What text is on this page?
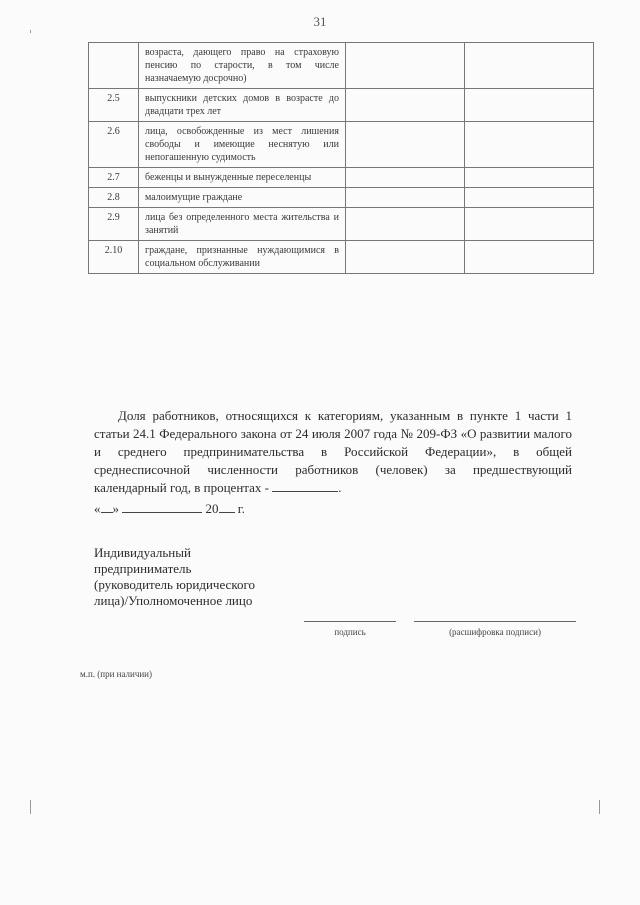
31
	возраста, дающего право на страховую пенсию по старости, в том числе назначаемую досрочно)		
2.5	выпускники детских домов в возрасте до двадцати трех лет		
2.6	лица, освобожденные из мест лишения свободы и имеющие неснятую или непогашенную судимость		
2.7	беженцы и вынужденные переселенцы		
2.8	малоимущие граждане		
2.9	лица без определенного места жительства и занятий		
2.10	граждане, признанные нуждающимися в социальном обслуживании		
Доля работников, относящихся к категориям, указанным в пункте 1 части 1 статьи 24.1 Федерального закона от 24 июля 2007 года № 209-ФЗ «О развитии малого и среднего предпринимательства в Российской Федерации», в общей среднесписочной численности работников (человек) за предшествующий календарный год, в процентах -	.
« »	20 г.
Индивидуальный
предприниматель
(руководитель юридического
лица)/Уполномоченное лицо
подпись	(расшифровка подписи)
м.п. (при наличии)
